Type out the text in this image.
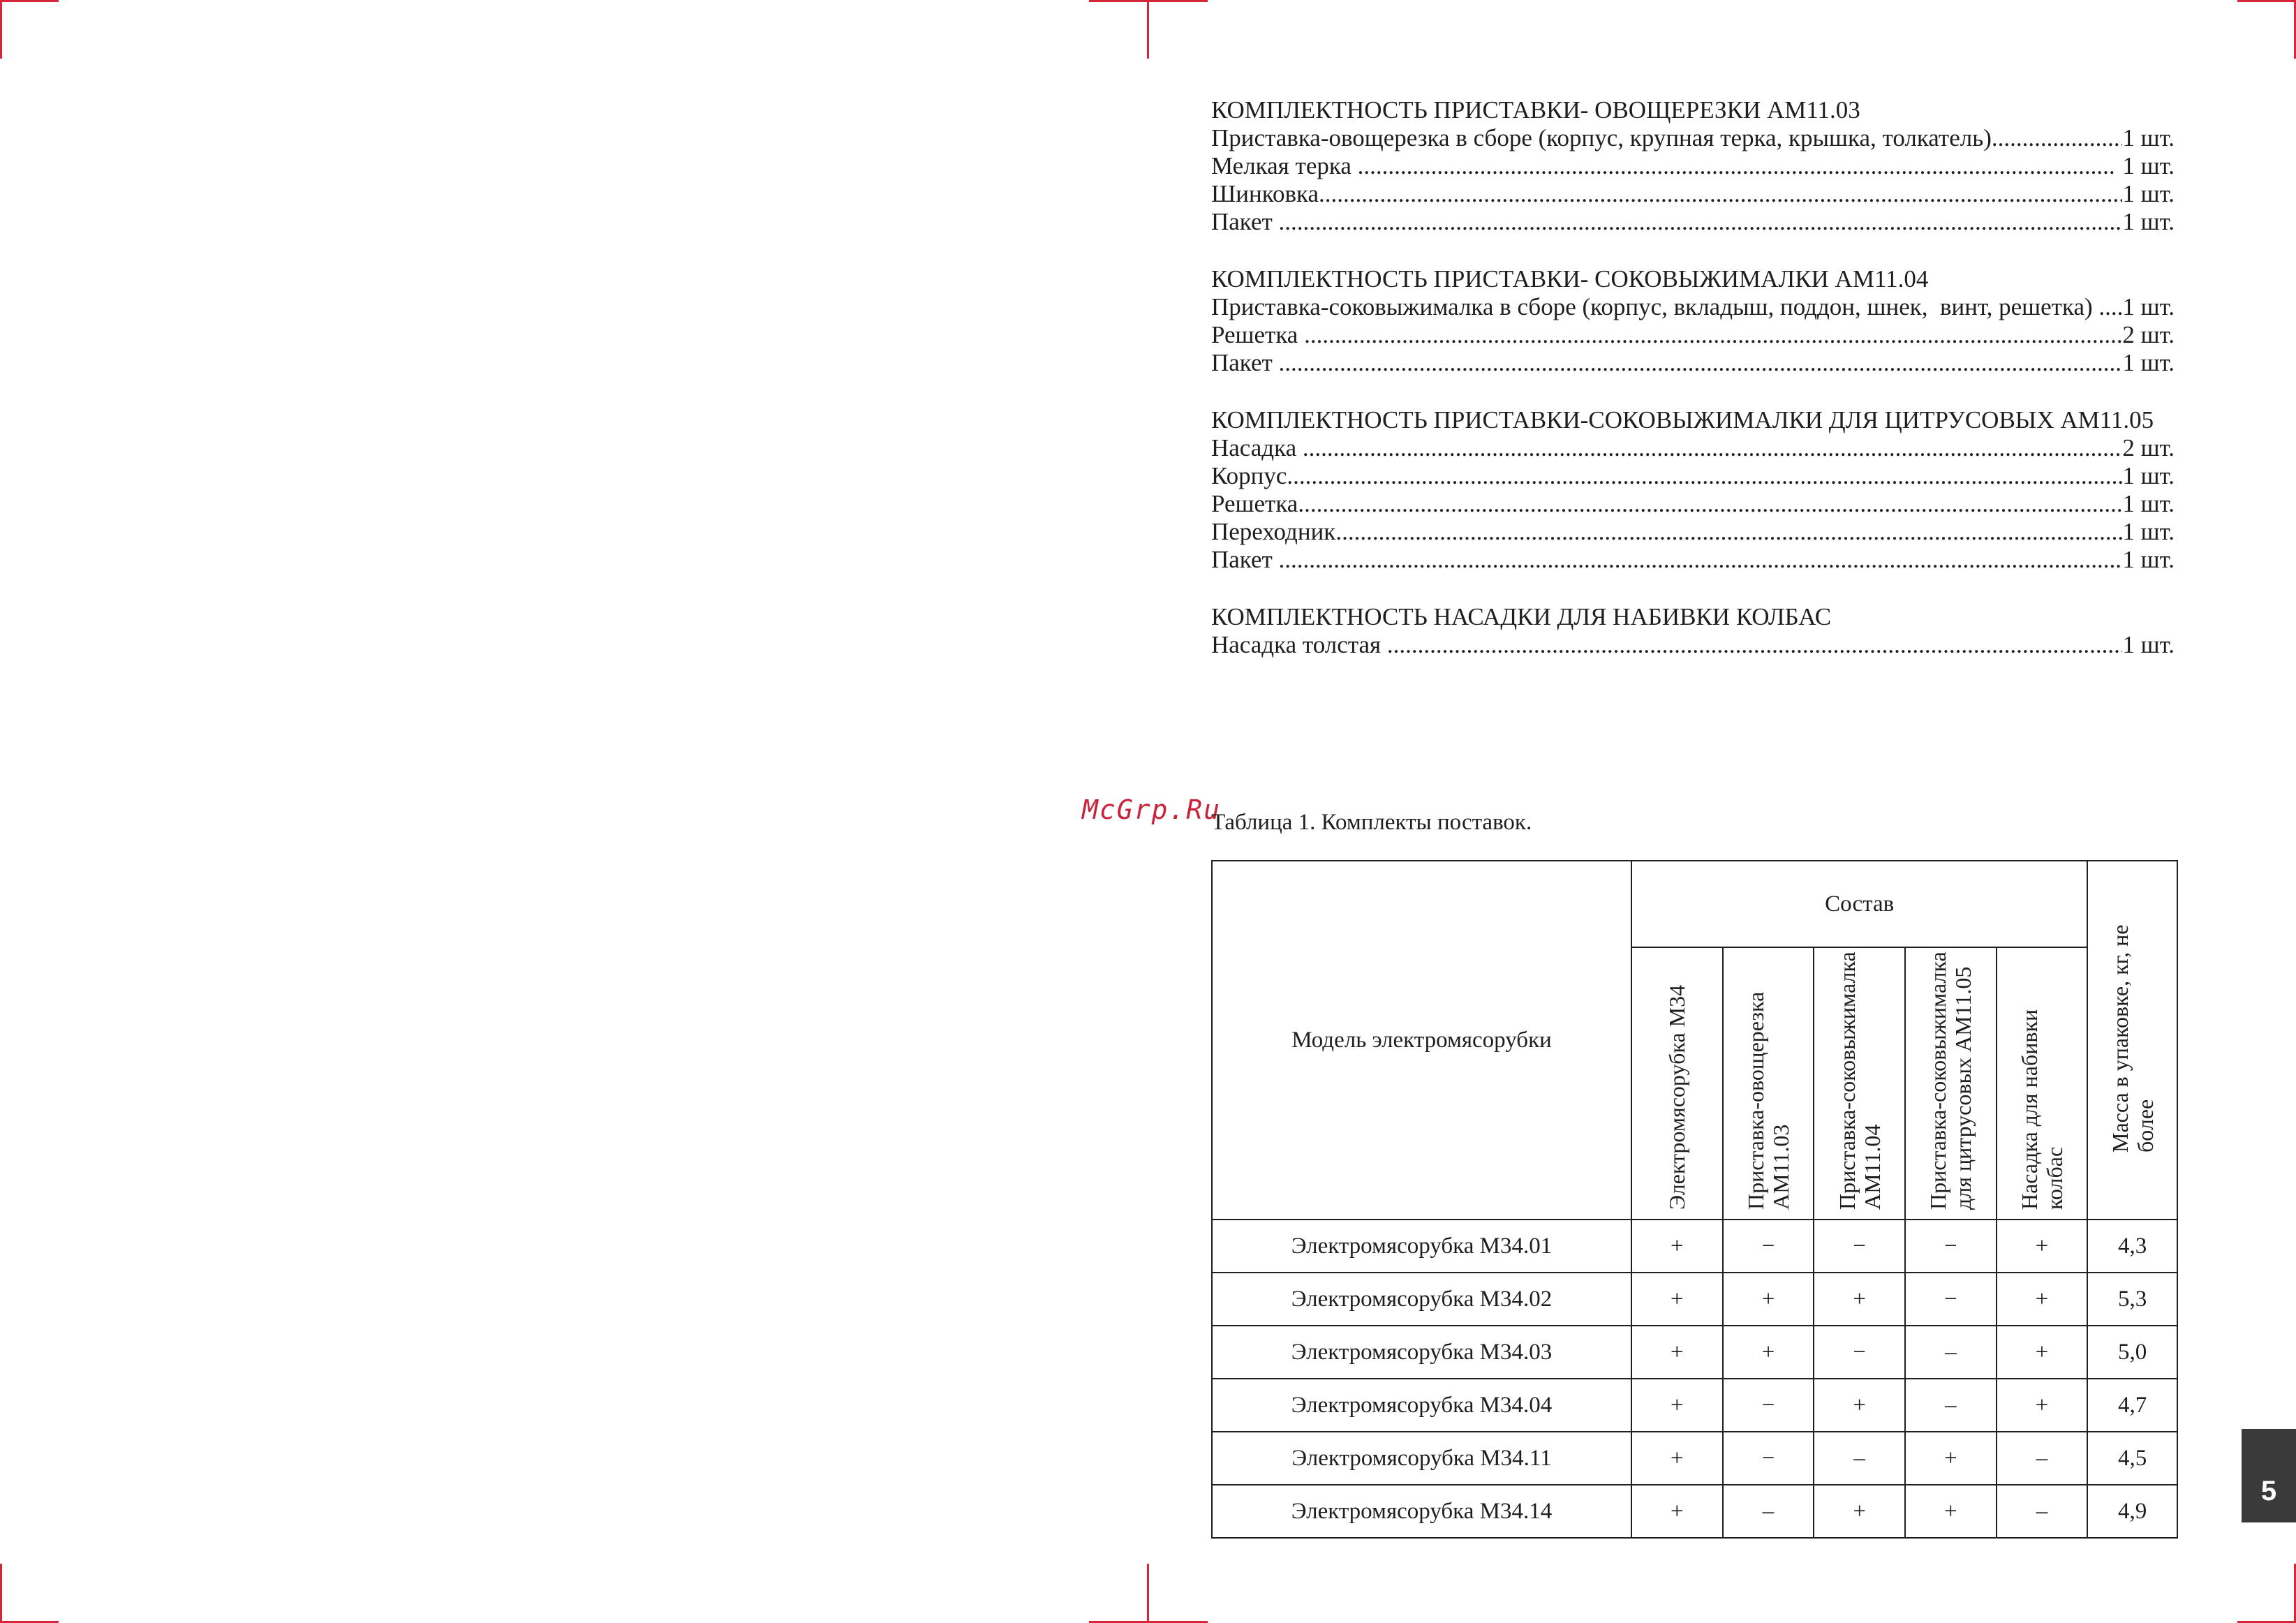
McGrp.Ru
КОМПЛЕКТНОСТЬ ПРИСТАВКИ- ОВОЩЕРЕЗКИ АМ11.03
Приставка-овощерезка в сборе (корпус, крупная терка, крышка, толкатель) .....	1 шт.
Мелкая терка .....	1 шт.
Шинковка .....	1 шт.
Пакет .....	1 шт.
КОМПЛЕКТНОСТЬ ПРИСТАВКИ- СОКОВЫЖИМАЛКИ АМ11.04
Приставка-соковыжималка в сборе (корпус, вкладыш, поддон, шнек,  винт, решетка) ..... 1 шт.
Решетка .....	2 шт.
Пакет .....	1 шт.
КОМПЛЕКТНОСТЬ ПРИСТАВКИ-СОКОВЫЖИМАЛКИ ДЛЯ ЦИТРУСОВЫХ АМ11.05
Насадка .....	2 шт.
Корпус .....	1 шт.
Решетка .....	1 шт.
Переходник .....	1 шт.
Пакет .....	1 шт.
КОМПЛЕКТНОСТЬ НАСАДКИ ДЛЯ НАБИВКИ КОЛБАС
Насадка толстая .....	1 шт.
Таблица 1. Комплекты поставок.
Модель электромясорубки	Состав					Масса в упаковке, кг, не более
	Электромясорубка М34	Приставка-овощерезка АМ11.03	Приставка-соковыжималка АМ11.04	Приставка-соковыжималка для цитрусовых АМ11.05	Насадка для набивки колбас	
Электромясорубка М34.01	+	−	−	−	+	4,3
Электромясорубка М34.02	+	+	+	−	+	5,3
Электромясорубка М34.03	+	+	−	–	+	5,0
Электромясорубка М34.04	+	−	+	–	+	4,7
Электромясорубка М34.11	+	−	–	+	–	4,5
Электромясорубка М34.14	+	–	+	+	–	4,9
5
